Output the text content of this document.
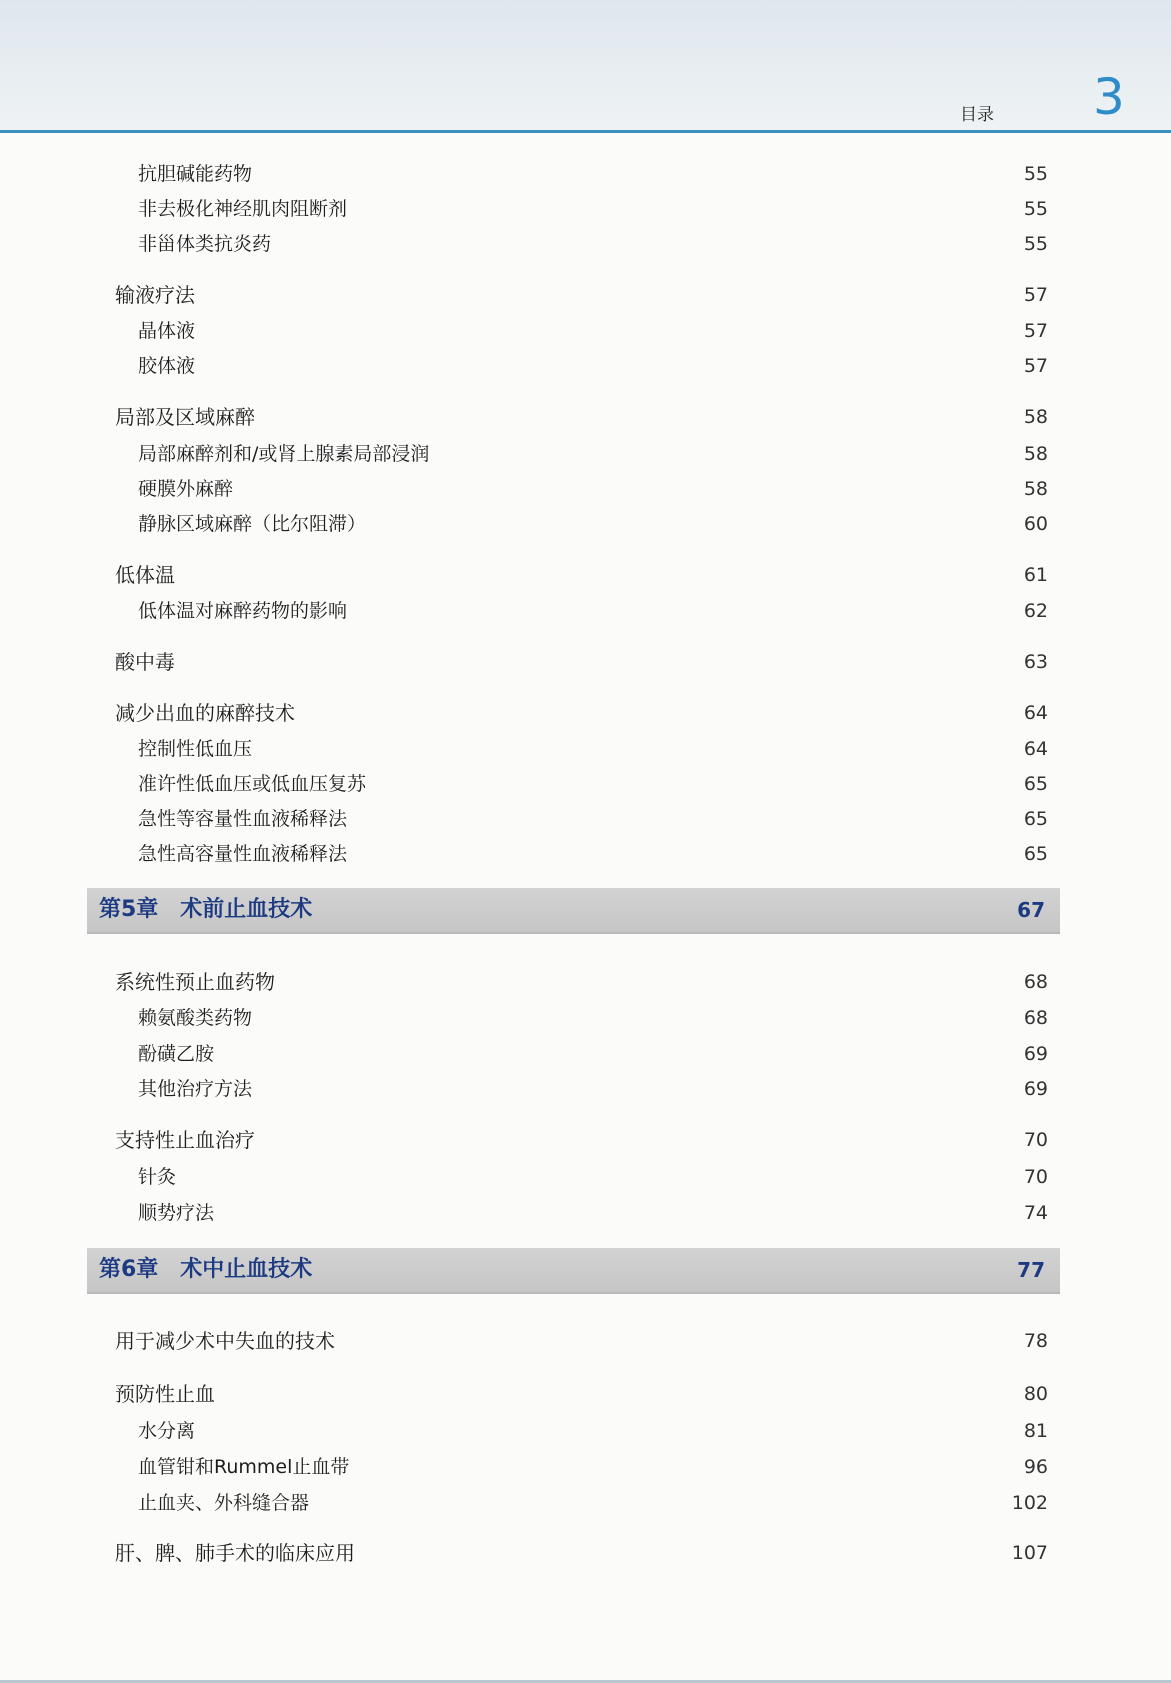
目录 3
抗胆碱能药物	55
非去极化神经肌肉阻断剂	55
非甾体类抗炎药	55
输液疗法	57
晶体液	57
胶体液	57
局部及区域麻醉	58
局部麻醉剂和/或肾上腺素局部浸润	58
硬膜外麻醉	58
静脉区域麻醉（比尔阻滞）	60
低体温	61
低体温对麻醉药物的影响	62
酸中毒	63
减少出血的麻醉技术	64
控制性低血压	64
准许性低血压或低血压复苏	65
急性等容量性血液稀释法	65
急性高容量性血液稀释法	65
第5章　术前止血技术	67
系统性预止血药物	68
赖氨酸类药物	68
酚磺乙胺	69
其他治疗方法	69
支持性止血治疗	70
针灸	70
顺势疗法	74
第6章　术中止血技术	77
用于减少术中失血的技术	78
预防性止血	80
水分离	81
血管钳和Rummel止血带	96
止血夹、外科缝合器	102
肝、脾、肺手术的临床应用	107
